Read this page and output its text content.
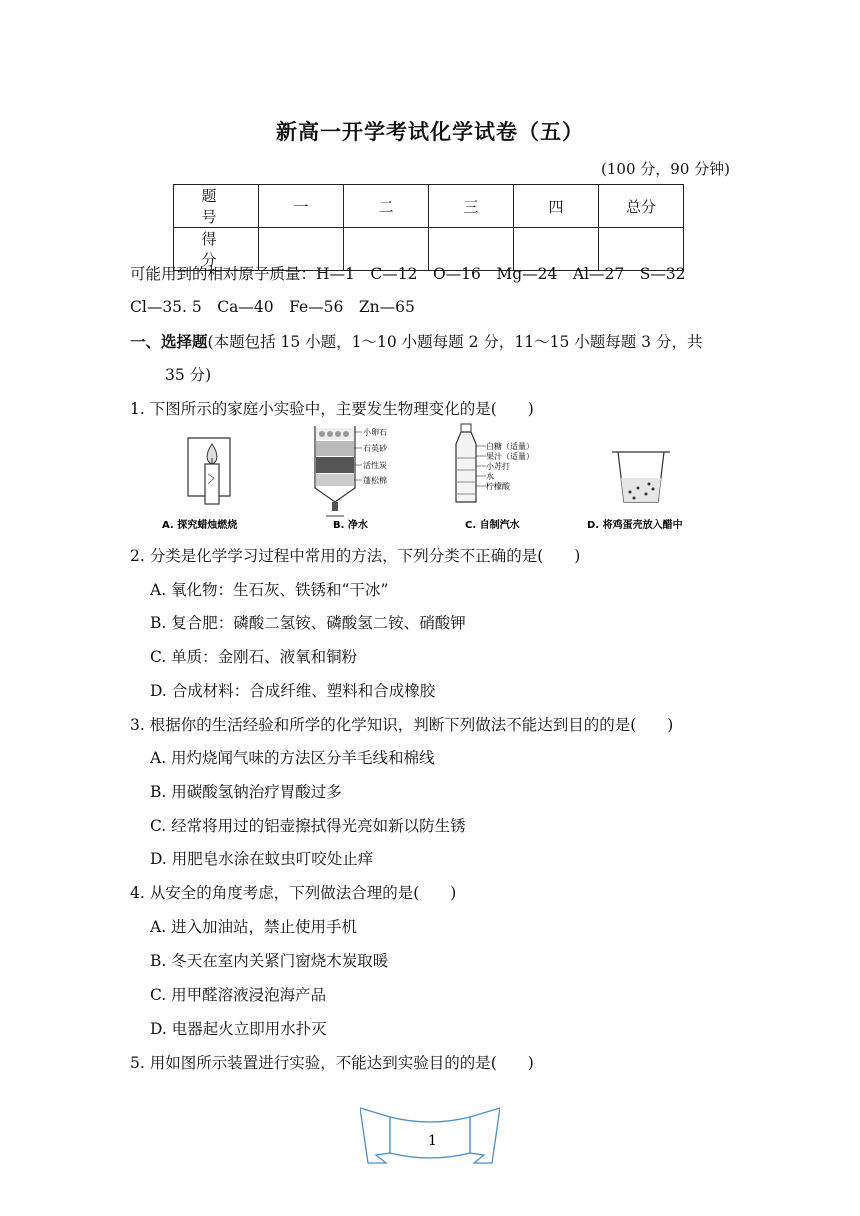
新高一开学考试化学试卷（五）
(100 分，90 分钟)
题　号	一	二	三	四	总分
得　分					
可能用到的相对原子质量：H—1　C—12　O—16　Mg—24　Al—27　S—32
Cl—35. 5　Ca—40　Fe—56　Zn—65
一、选择题(本题包括 15 小题，1～10 小题每题 2 分，11～15 小题每题 3 分，共
35 分)
1. 下图所示的家庭小实验中，主要发生物理变化的是(　　)
A. 探究蜡烛燃烧
小卵石
石英砂
活性炭
蓬松棉
B. 净水
白糖（适量）
果汁（适量）
小苏打
水
柠檬酸
C. 自制汽水	D. 将鸡蛋壳放入醋中
2. 分类是化学学习过程中常用的方法，下列分类不正确的是(　　)
A. 氧化物：生石灰、铁锈和“干冰”
B. 复合肥：磷酸二氢铵、磷酸氢二铵、硝酸钾
C. 单质：金刚石、液氧和铜粉
D. 合成材料：合成纤维、塑料和合成橡胶
3. 根据你的生活经验和所学的化学知识，判断下列做法不能达到目的的是(　　)
A. 用灼烧闻气味的方法区分羊毛线和棉线
B. 用碳酸氢钠治疗胃酸过多
C. 经常将用过的铝壶擦拭得光亮如新以防生锈
D. 用肥皂水涂在蚊虫叮咬处止痒
4. 从安全的角度考虑，下列做法合理的是(　　)
A. 进入加油站，禁止使用手机
B. 冬天在室内关紧门窗烧木炭取暖
C. 用甲醛溶液浸泡海产品
D. 电器起火立即用水扑灭
5. 用如图所示装置进行实验，不能达到实验目的的是(　　)
1
